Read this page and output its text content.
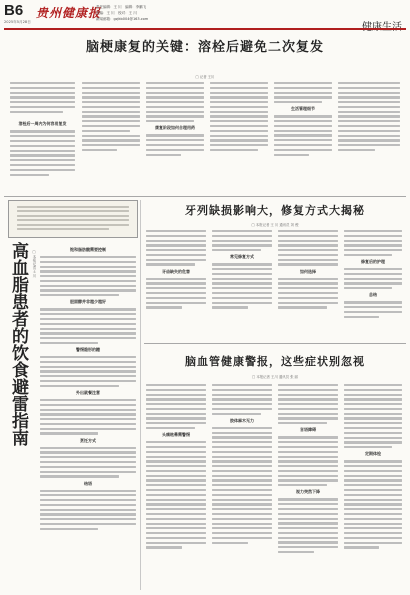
B6
2025年5月28日
贵州健康报
责任编辑：王 川　编辑：李鹏飞
美编：王 川　校对：王 川
新闻邮箱：gzjkb004@163.com
脑梗康复的关键：溶栓后避免二次复发
□ 记者 王川
溶栓后一周内为何容易复发
康复阶段如何合理用药
生活管理细节
高血脂患者的饮食避雷指南 □ 本报记者 王 川
饱和脂肪酸需要控制
胆固醇并非越少越好
警惕隐形的糖
外出就餐注意
烹饪方式
结语
牙列缺损影响大，修复方式大揭秘
□ 本报记者 王 川 通讯员 刘 俊
牙齿缺失的危害
常见修复方式
如何选择
修复后的护理
总结
脑血管健康警报，这些症状别忽视
□ 本报记者 王川 通讯员 张 丽
头痛眩晕需警惕
肢体麻木无力
言语障碍
视力突然下降
定期体检
